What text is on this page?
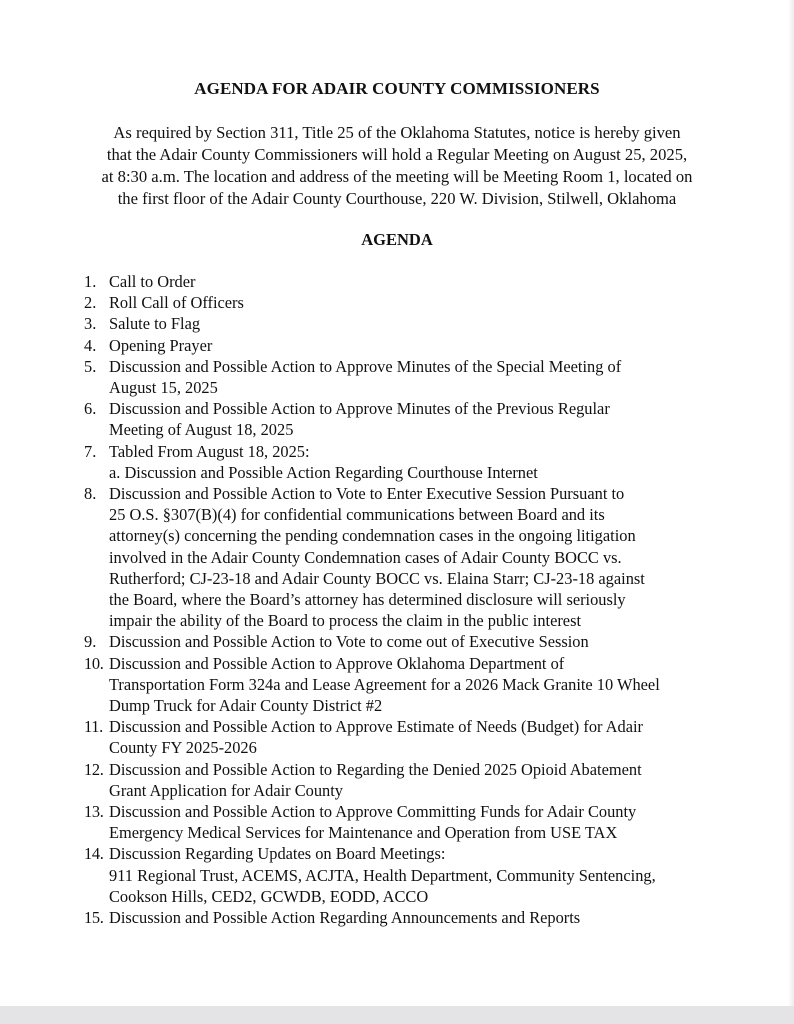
AGENDA FOR ADAIR COUNTY COMMISSIONERS
As required by Section 311, Title 25 of the Oklahoma Statutes, notice is hereby given
that the Adair County Commissioners will hold a Regular Meeting on August 25, 2025,
at 8:30 a.m. The location and address of the meeting will be Meeting Room 1, located on
the first floor of the Adair County Courthouse, 220 W. Division, Stilwell, Oklahoma
AGENDA
1. Call to Order
2. Roll Call of Officers
3. Salute to Flag
4. Opening Prayer
5. Discussion and Possible Action to Approve Minutes of the Special Meeting of
August 15, 2025
6. Discussion and Possible Action to Approve Minutes of the Previous Regular
Meeting of August 18, 2025
7. Tabled From August 18, 2025:
a. Discussion and Possible Action Regarding Courthouse Internet
8. Discussion and Possible Action to Vote to Enter Executive Session Pursuant to
25 O.S. §307(B)(4) for confidential communications between Board and its
attorney(s) concerning the pending condemnation cases in the ongoing litigation
involved in the Adair County Condemnation cases of Adair County BOCC vs.
Rutherford; CJ-23-18 and Adair County BOCC vs. Elaina Starr; CJ-23-18 against
the Board, where the Board’s attorney has determined disclosure will seriously
impair the ability of the Board to process the claim in the public interest
9. Discussion and Possible Action to Vote to come out of Executive Session
10. Discussion and Possible Action to Approve Oklahoma Department of
Transportation Form 324a and Lease Agreement for a 2026 Mack Granite 10 Wheel
Dump Truck for Adair County District #2
11. Discussion and Possible Action to Approve Estimate of Needs (Budget) for Adair
County FY 2025-2026
12. Discussion and Possible Action to Regarding the Denied 2025 Opioid Abatement
Grant Application for Adair County
13. Discussion and Possible Action to Approve Committing Funds for Adair County
Emergency Medical Services for Maintenance and Operation from USE TAX
14. Discussion Regarding Updates on Board Meetings:
911 Regional Trust, ACEMS, ACJTA, Health Department, Community Sentencing,
Cookson Hills, CED2, GCWDB, EODD, ACCO
15. Discussion and Possible Action Regarding Announcements and Reports
